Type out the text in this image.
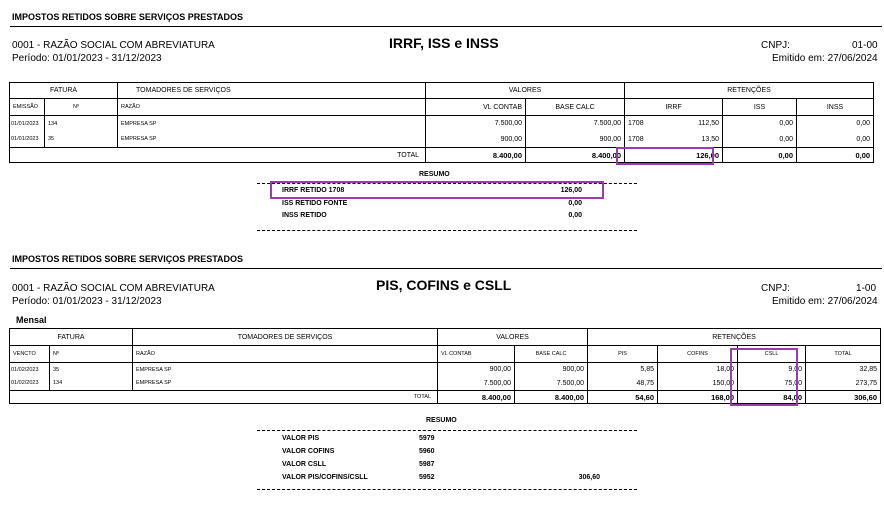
IMPOSTOS RETIDOS SOBRE SERVIÇOS PRESTADOS
0001 - RAZÃO SOCIAL COM ABREVIATURA
Período: 01/01/2023 - 31/12/2023
IRRF, ISS e INSS	CNPJ:	01-00
Emitido em: 27/06/2024
FATURA		TOMADORES DE SERVIÇOS	VALORES		RETENÇÕES		
EMISSÃO	Nº	RAZÃO	VL CONTAB	BASE CALC	IRRF	ISS	INSS
01/01/2023	134	EMPRESA SP	7.500,00	7.500,00	1708 112,50	0,00	0,00
01/01/2023	35	EMPRESA SP	900,00	900,00	1708 13,50	0,00	0,00
TOTAL			8.400,00	8.400,00	126,00	0,00	0,00
RESUMO
IRRF RETIDO 1708	126,00
ISS RETIDO FONTE	0,00
INSS RETIDO	0,00
IMPOSTOS RETIDOS SOBRE SERVIÇOS PRESTADOS
0001 - RAZÃO SOCIAL COM ABREVIATURA
Período: 01/01/2023 - 31/12/2023
PIS, COFINS e CSLL	CNPJ:	1-00
Emitido em: 27/06/2024
Mensal
FATURA		TOMADORES DE SERVIÇOS	VALORES		RETENÇÕES			
VENCTO	Nº	RAZÃO	VL CONTAB	BASE CALC	PIS	COFINS	CSLL	TOTAL
01/02/2023	35	EMPRESA SP	900,00	900,00	5,85	18,00	9,00	32,85
01/02/2023	134	EMPRESA SP	7.500,00	7.500,00	48,75	150,00	75,00	273,75
TOTAL			8.400,00	8.400,00	54,60	168,00	84,00	306,60
RESUMO
VALOR PIS	5979
VALOR COFINS	5960
VALOR CSLL	5987
VALOR PIS/COFINS/CSLL	5952	306,60
